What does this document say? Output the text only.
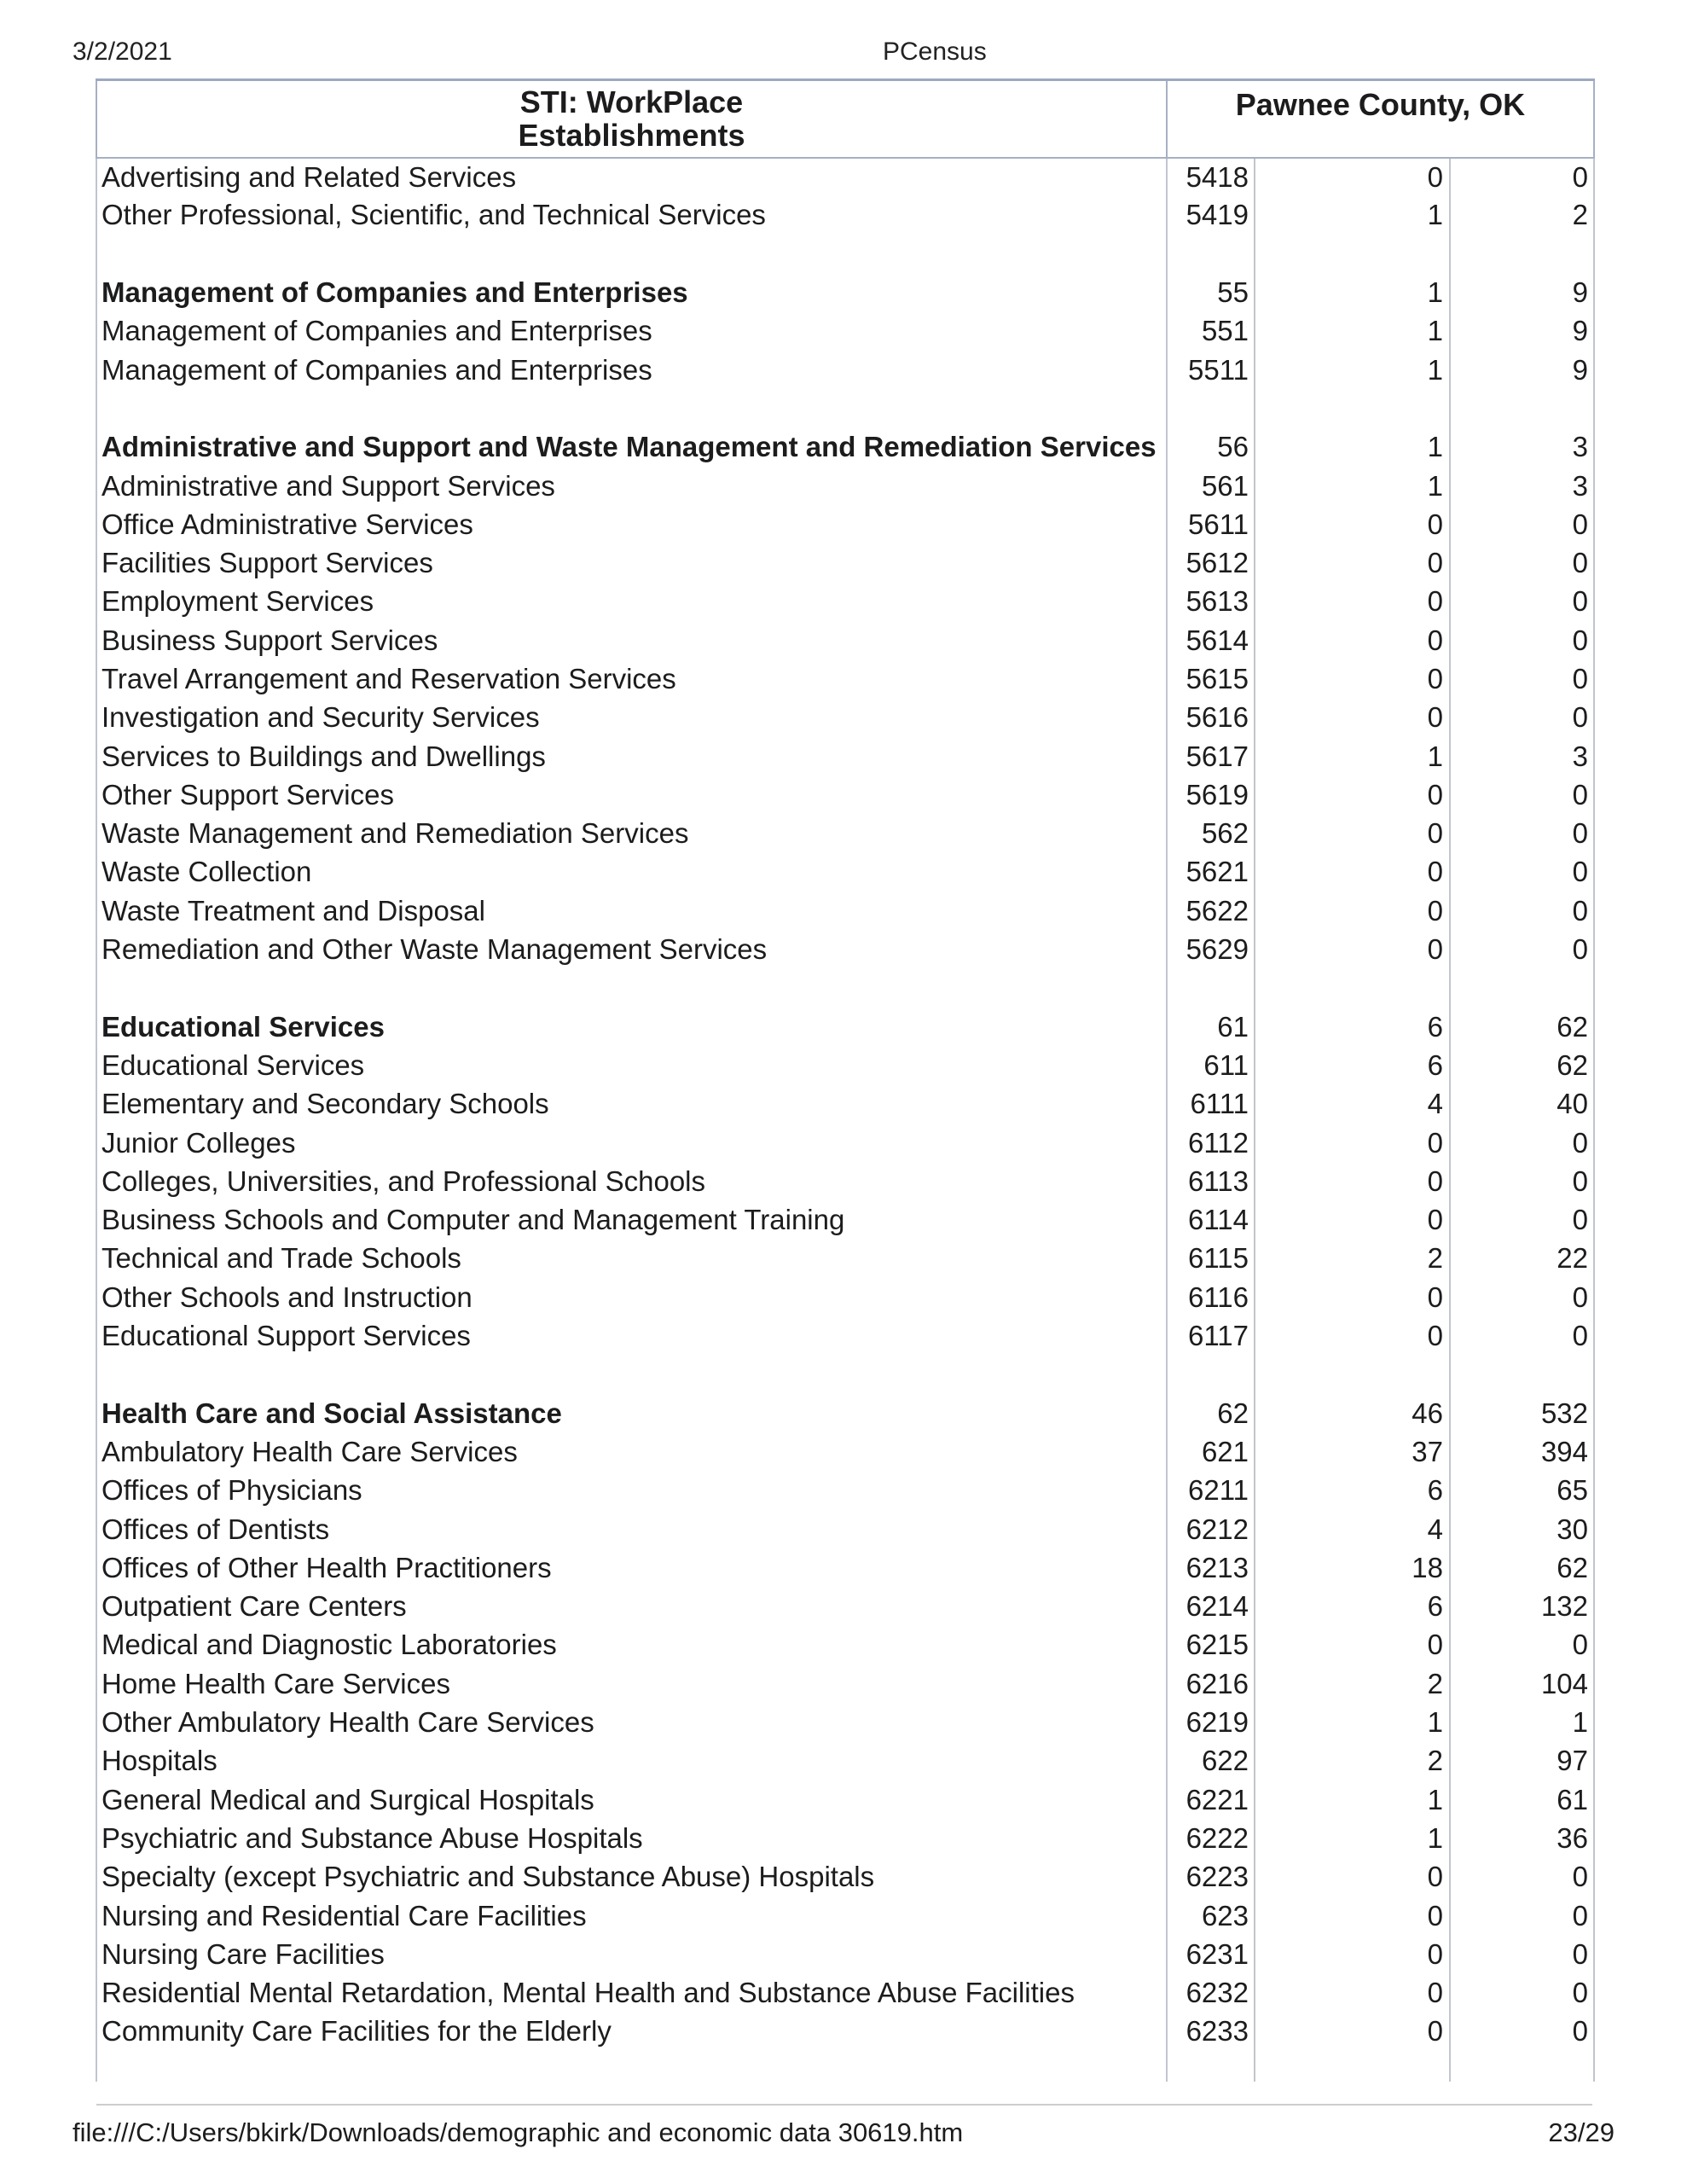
3/2/2021	PCensus
STI: WorkPlace
Establishments	Pawnee County, OK		
Advertising and Related Services	5418	0	0
Other Professional, Scientific, and Technical Services	5419	1	2

Management of Companies and Enterprises	55	1	9
Management of Companies and Enterprises	551	1	9
Management of Companies and Enterprises	5511	1	9

Administrative and Support and Waste Management and Remediation Services	56	1	3
Administrative and Support Services	561	1	3
Office Administrative Services	5611	0	0
Facilities Support Services	5612	0	0
Employment Services	5613	0	0
Business Support Services	5614	0	0
Travel Arrangement and Reservation Services	5615	0	0
Investigation and Security Services	5616	0	0
Services to Buildings and Dwellings	5617	1	3
Other Support Services	5619	0	0
Waste Management and Remediation Services	562	0	0
Waste Collection	5621	0	0
Waste Treatment and Disposal	5622	0	0
Remediation and Other Waste Management Services	5629	0	0

Educational Services	61	6	62
Educational Services	611	6	62
Elementary and Secondary Schools	6111	4	40
Junior Colleges	6112	0	0
Colleges, Universities, and Professional Schools	6113	0	0
Business Schools and Computer and Management Training	6114	0	0
Technical and Trade Schools	6115	2	22
Other Schools and Instruction	6116	0	0
Educational Support Services	6117	0	0

Health Care and Social Assistance	62	46	532
Ambulatory Health Care Services	621	37	394
Offices of Physicians	6211	6	65
Offices of Dentists	6212	4	30
Offices of Other Health Practitioners	6213	18	62
Outpatient Care Centers	6214	6	132
Medical and Diagnostic Laboratories	6215	0	0
Home Health Care Services	6216	2	104
Other Ambulatory Health Care Services	6219	1	1
Hospitals	622	2	97
General Medical and Surgical Hospitals	6221	1	61
Psychiatric and Substance Abuse Hospitals	6222	1	36
Specialty (except Psychiatric and Substance Abuse) Hospitals	6223	0	0
Nursing and Residential Care Facilities	623	0	0
Nursing Care Facilities	6231	0	0
Residential Mental Retardation, Mental Health and Substance Abuse Facilities	6232	0	0
Community Care Facilities for the Elderly	6233	0	0

file:///C:/Users/bkirk/Downloads/demographic and economic data 30619.htm	23/29
